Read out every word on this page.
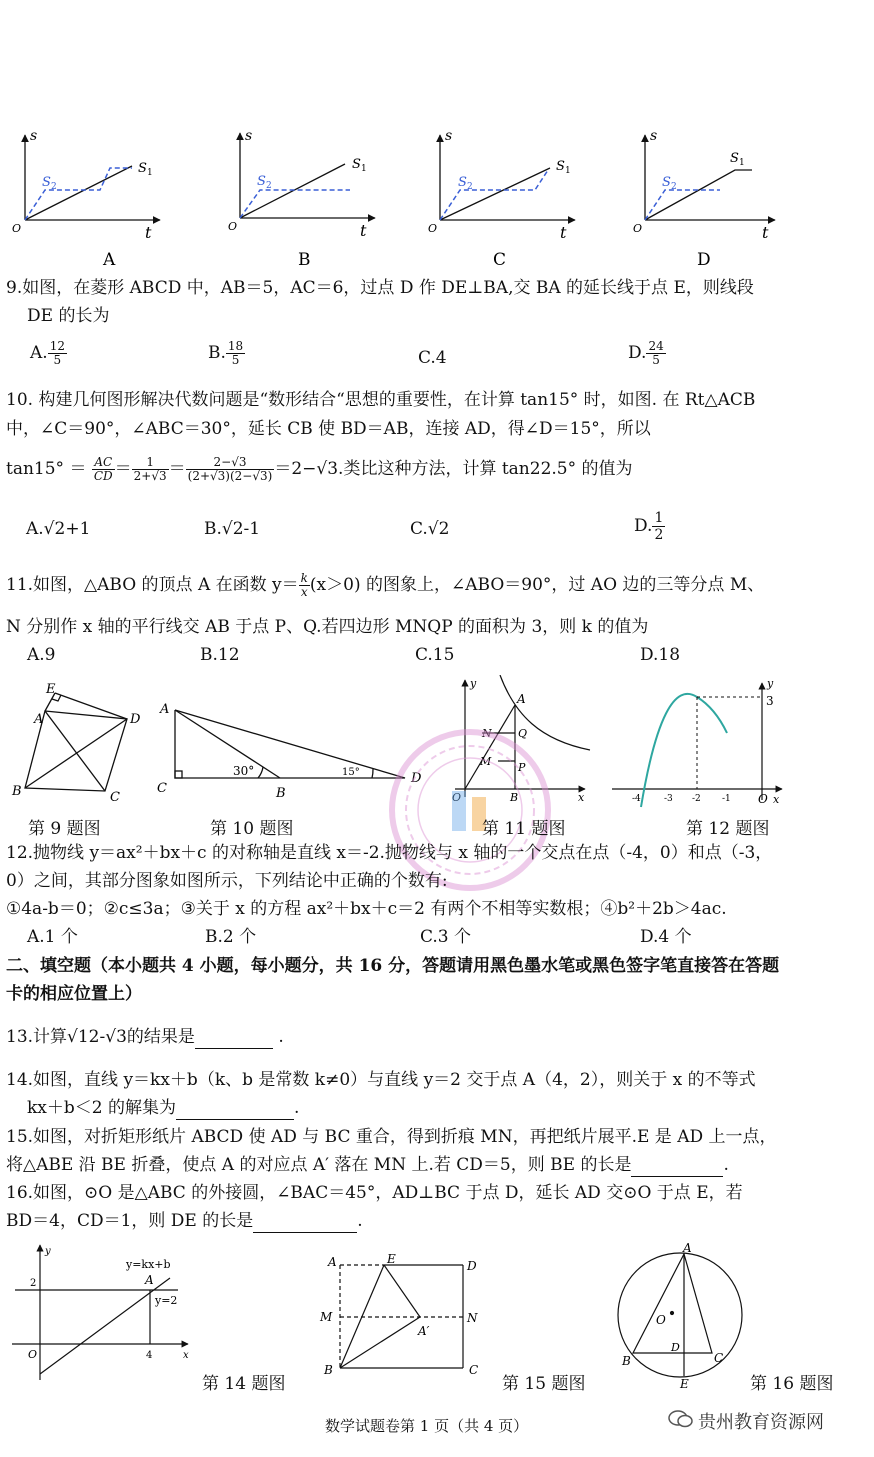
s
t
O
S 1
S 2
s
t
O
S 1
S 2
s
t
O
S 1
S 2
s
t
O
S 1
S 2
A	B	C	D
9.如图，在菱形 ABCD 中，AB＝5，AC＝6，过点 D 作 DE⊥BA,交 BA 的延长线于点 E，则线段
DE 的长为
A. $\frac{12}{5}$	B. $\frac{18}{5}$	C.4	D. $\frac{24}{5}$
10. 构建几何图形解决代数问题是“数形结合“思想的重要性，在计算 tan15° 时，如图. 在 Rt△ACB
中，∠C＝90°，∠ABC＝30°，延长 CB 使 BD＝AB，连接 AD，得∠D＝15°，所以
$\tan 15^\circ = \frac{AC}{CD} = \frac{1}{2+√3} = \frac{2-√3}{(2+√3)(2-√3)} =2-√3$.类比这种方法，计算 tan22.5° 的值为
A.√2+1	B.√2-1	C.√2	D. $\frac{1}{2}$
11.如图，△ABO 的顶点 A 在函数 $y= \frac{k}{x} (x>0)$ 的图象上，∠ABO＝90°，过 AO 边的三等分点 M、
N 分别作 x 轴的平行线交 AB 于点 P、Q.若四边形 MNQP 的面积为 3，则 k 的值为
A.9	B.12	C.15	D.18
E
A	D
B	C
A
C	B
D
30°	15°
y
A
N Q
M P
O	B	x
y
3
-4	-3 -2 -1 O x
第 9 题图	第 10 题图	第 11 题图	第 12 题图
12.抛物线 y＝ax²＋bx＋c 的对称轴是直线 x＝-2.抛物线与 x 轴的一个交点在点（-4，0）和点（-3，
0）之间，其部分图象如图所示，下列结论中正确的个数有:
①4a-b＝0；②c≤3a；③关于 x 的方程 ax²＋bx＋c＝2 有两个不相等实数根；④b²＋2b＞4ac.
A.1 个	B.2 个	C.3 个	D.4 个
二、填空题（本小题共 4 小题，每小题分，共 16 分，答题请用黑色墨水笔或黑色签字笔直接答在答题
卡的相应位置上）
13.计算√12-√3的结果是	.
14.如图，直线 y＝kx＋b（k、b 是常数 k≠0）与直线 y＝2 交于点 A（4，2），则关于 x 的不等式
kx＋b＜2 的解集为	.
15.如图，对折矩形纸片 ABCD 使 AD 与 BC 重合，得到折痕 MN，再把纸片展平.E 是 AD 上一点，
将△ABE 沿 BE 折叠，使点 A 的对应点 A′ 落在 MN 上.若 CD＝5，则 BE 的长是	.
16.如图，⊙O 是△ABC 的外接圆，∠BAC＝45°，AD⊥BC 于点 D，延长 AD 交⊙O 于点 E，若
BD＝4，CD＝1，则 DE 的长是	.
y
y=kx+b
A
y=2
2
O	4	x
A	E	D
M
A′
N
B	C
A
O
D
B	C
E
第 14 题图	第 15 题图	第 16 题图
数学试题卷第 1 页（共 4 页）	贵州教育资源网
